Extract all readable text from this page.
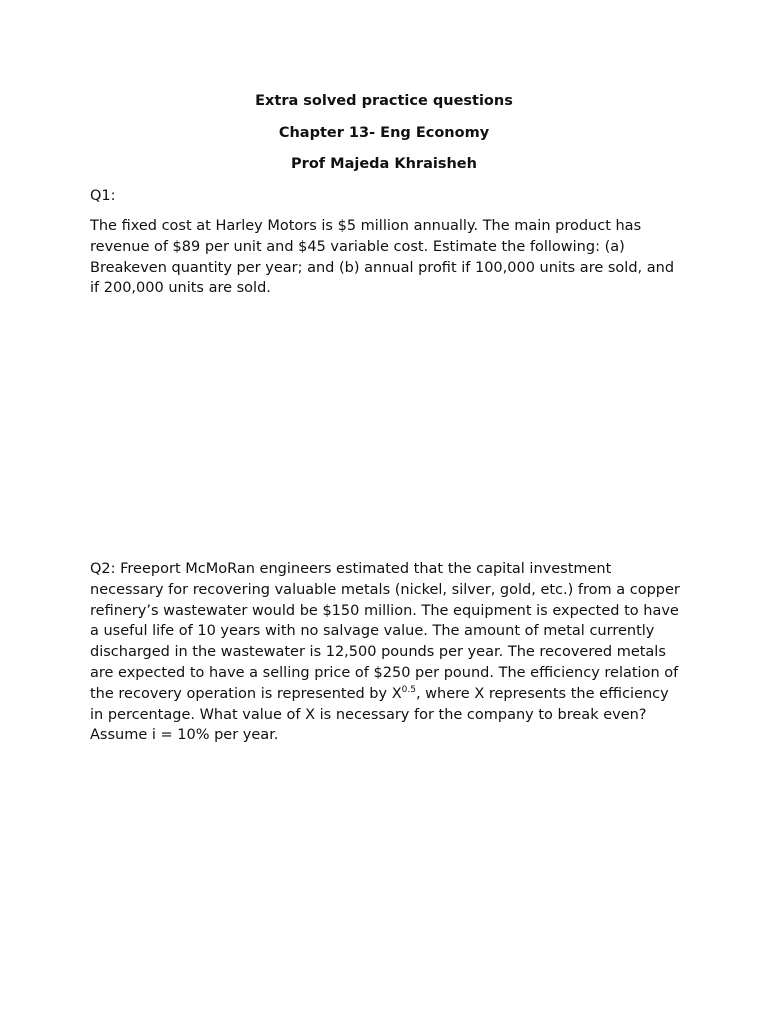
Extra solved practice questions
Chapter 13- Eng Economy
Prof Majeda Khraisheh

Q1:

The fixed cost at Harley Motors is $5 million annually. The main product has revenue of $89 per unit and $45 variable cost. Estimate the following: (a) Breakeven quantity per year; and (b) annual profit if 100,000 units are sold, and if 200,000 units are sold.

Q2: Freeport McMoRan engineers estimated that the capital investment necessary for recovering valuable metals (nickel, silver, gold, etc.) from a copper refinery’s wastewater would be $150 million. The equipment is expected to have a useful life of 10 years with no salvage value. The amount of metal currently discharged in the wastewater is 12,500 pounds per year. The recovered metals are expected to have a selling price of $250 per pound. The efficiency relation of the recovery operation is represented by $X^{0.5}$, where X represents the efficiency in percentage. What value of X is necessary for the company to break even? Assume i = 10% per year.
